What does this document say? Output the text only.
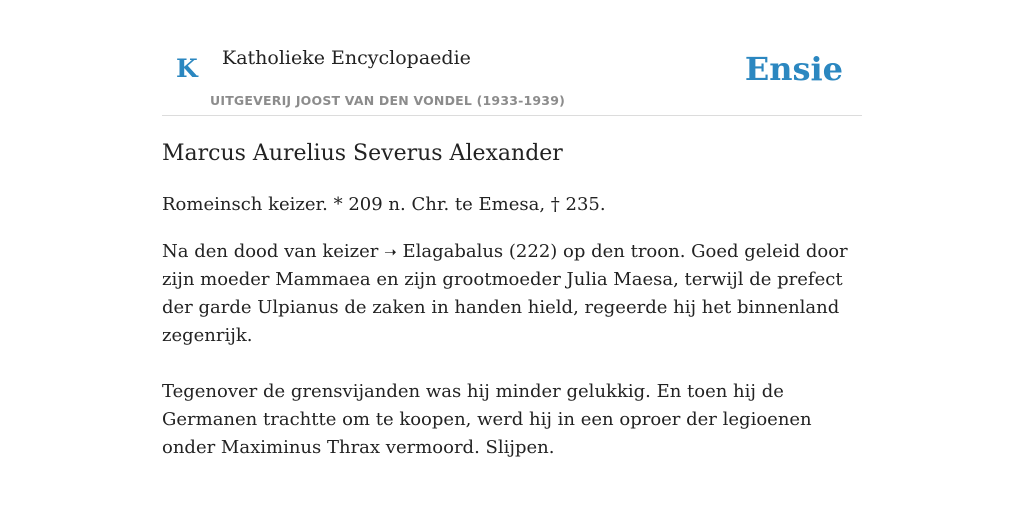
K Katholieke Encyclopaedie
UITGEVERIJ JOOST VAN DEN VONDEL (1933-1939)
Ensie
Marcus Aurelius Severus Alexander

Romeinsch keizer. * 209 n. Chr. te Emesa, † 235.

Na den dood van keizer ➝ Elagabalus (222) op den troon. Goed geleid door zijn moeder Mammaea en zijn grootmoeder Julia Maesa, terwijl de prefect der garde Ulpianus de zaken in handen hield, regeerde hij het binnenland zegenrijk.

Tegenover de grensvijanden was hij minder gelukkig. En toen hij de Germanen trachtte om te koopen, werd hij in een oproer der legioenen onder Maximinus Thrax vermoord. Slijpen.
